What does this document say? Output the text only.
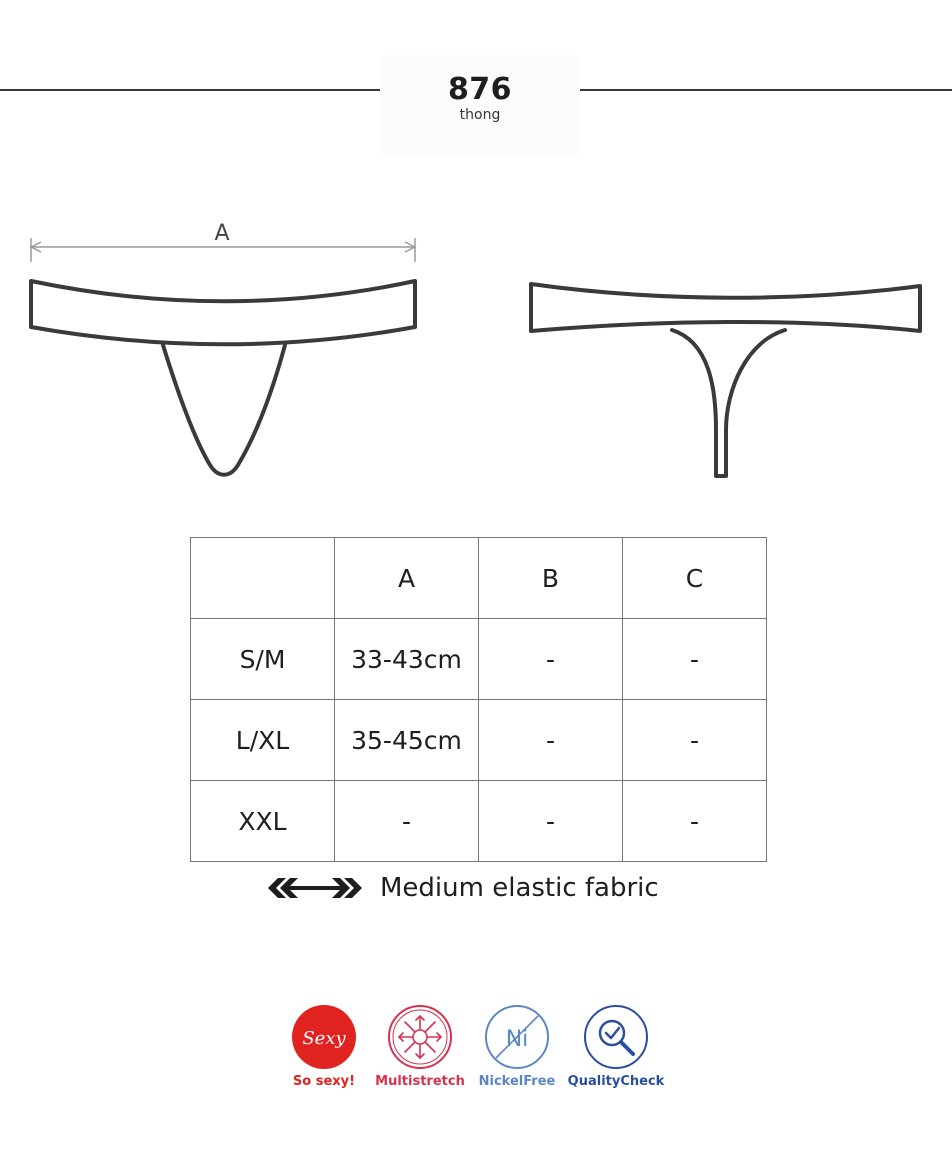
876
thong
A
	A	B	C
S/M	33-43cm	-	-
L/XL	35-45cm	-	-
XXL	-	-	-
Medium elastic fabric
Sexy
So sexy!	Multistretch
Ni
NickelFree QualityCheck
